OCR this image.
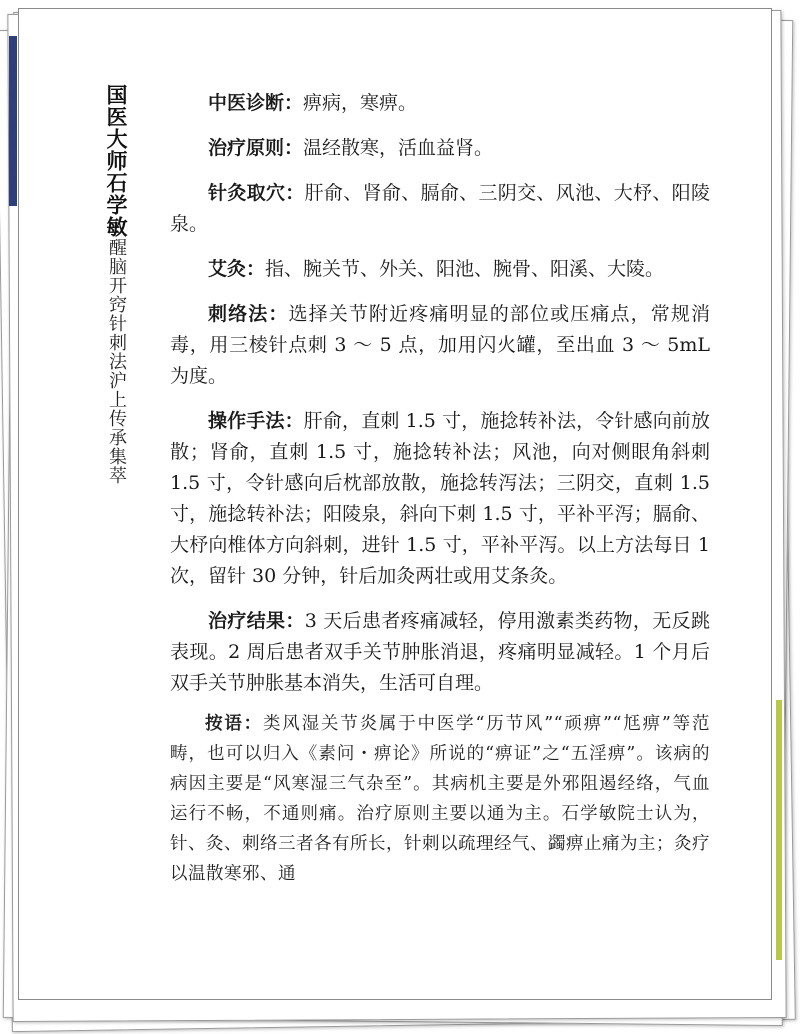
国医大师石学敏醒脑开窍针刺法沪上传承集萃

中医诊断：痹病，寒痹。

治疗原则：温经散寒，活血益肾。

针灸取穴：肝俞、肾俞、膈俞、三阴交、风池、大杼、阳陵泉。

艾灸：指、腕关节、外关、阳池、腕骨、阳溪、大陵。

刺络法：选择关节附近疼痛明显的部位或压痛点，常规消毒，用三棱针点刺 3 ～ 5 点，加用闪火罐，至出血 3 ～ 5mL 为度。

操作手法：肝俞，直刺 1.5 寸，施捻转补法，令针感向前放散；肾俞，直刺 1.5 寸，施捻转补法；风池，向对侧眼角斜刺 1.5 寸，令针感向后枕部放散，施捻转泻法；三阴交，直刺 1.5 寸，施捻转补法；阳陵泉，斜向下刺 1.5 寸，平补平泻；膈俞、大杼向椎体方向斜刺，进针 1.5 寸，平补平泻。以上方法每日 1 次，留针 30 分钟，针后加灸两壮或用艾条灸。

治疗结果：3 天后患者疼痛减轻，停用激素类药物，无反跳表现。2 周后患者双手关节肿胀消退，疼痛明显减轻。1 个月后双手关节肿胀基本消失，生活可自理。

按语：类风湿关节炎属于中医学“历节风”“顽痹”“尪痹”等范畴，也可以归入《素问・痹论》所说的“痹证”之“五淫痹”。该病的病因主要是“风寒湿三气杂至”。其病机主要是外邪阻遏经络，气血运行不畅，不通则痛。治疗原则主要以通为主。石学敏院士认为，针、灸、刺络三者各有所长，针刺以疏理经气、蠲痹止痛为主；灸疗以温散寒邪、通
